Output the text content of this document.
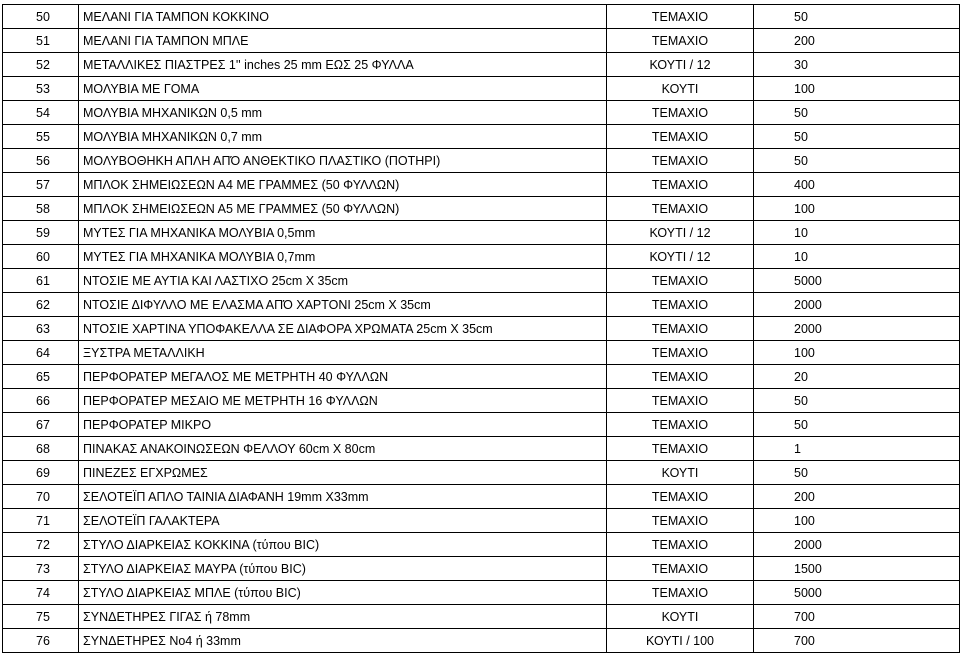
50	ΜΕΛΑΝΙ ΓΙΑ ΤΑΜΠΟΝ ΚΟΚΚΙΝΟ	ΤΕΜΑΧΙΟ	50
51	ΜΕΛΑΝΙ ΓΙΑ ΤΑΜΠΟΝ ΜΠΛΕ	ΤΕΜΑΧΙΟ	200
52	ΜΕΤΑΛΛΙΚΕΣ ΠΙΑΣΤΡΕΣ 1'' inches 25 mm ΕΩΣ 25 ΦΥΛΛΑ	ΚΟΥΤΙ / 12	30
53	ΜΟΛΥΒΙΑ ΜΕ ΓΟΜΑ	ΚΟΥΤΙ	100
54	ΜΟΛΥΒΙΑ ΜΗΧΑΝΙΚΩΝ 0,5 mm	ΤΕΜΑΧΙΟ	50
55	ΜΟΛΥΒΙΑ ΜΗΧΑΝΙΚΩΝ 0,7 mm	ΤΕΜΑΧΙΟ	50
56	ΜΟΛΥΒΟΘΗΚΗ ΑΠΛΗ ΑΠΌ ΑΝΘΕΚΤΙΚΟ ΠΛΑΣΤΙΚΟ (ΠΟΤΗΡΙ)	ΤΕΜΑΧΙΟ	50
57	ΜΠΛΟΚ ΣΗΜΕΙΩΣΕΩΝ Α4 ΜΕ ΓΡΑΜΜΕΣ (50 ΦΥΛΛΩΝ)	ΤΕΜΑΧΙΟ	400
58	ΜΠΛΟΚ ΣΗΜΕΙΩΣΕΩΝ Α5 ΜΕ ΓΡΑΜΜΕΣ (50 ΦΥΛΛΩΝ)	ΤΕΜΑΧΙΟ	100
59	ΜΥΤΕΣ ΓΙΑ ΜΗΧΑΝΙΚΑ ΜΟΛΥΒΙΑ 0,5mm	ΚΟΥΤΙ / 12	10
60	ΜΥΤΕΣ ΓΙΑ ΜΗΧΑΝΙΚΑ ΜΟΛΥΒΙΑ 0,7mm	ΚΟΥΤΙ / 12	10
61	ΝΤΟΣΙΕ ΜΕ ΑΥΤΙΑ ΚΑΙ ΛΑΣΤΙΧΟ 25cm X 35cm	ΤΕΜΑΧΙΟ	5000
62	ΝΤΟΣΙΕ ΔΙΦΥΛΛΟ ΜΕ ΕΛΑΣΜΑ ΑΠΌ ΧΑΡΤΟΝΙ 25cm X 35cm	ΤΕΜΑΧΙΟ	2000
63	ΝΤΟΣΙΕ ΧΑΡΤΙΝΑ ΥΠΟΦΑΚΕΛΛΑ ΣΕ ΔΙΑΦΟΡΑ ΧΡΩΜΑΤΑ 25cm X 35cm	ΤΕΜΑΧΙΟ	2000
64	ΞΥΣΤΡΑ ΜΕΤΑΛΛΙΚΗ	ΤΕΜΑΧΙΟ	100
65	ΠΕΡΦΟΡΑΤΕΡ ΜΕΓΑΛΟΣ ΜΕ ΜΕΤΡΗΤΗ 40 ΦΥΛΛΩΝ	ΤΕΜΑΧΙΟ	20
66	ΠΕΡΦΟΡΑΤΕΡ ΜΕΣΑΙΟ ΜΕ ΜΕΤΡΗΤΗ 16 ΦΥΛΛΩΝ	ΤΕΜΑΧΙΟ	50
67	ΠΕΡΦΟΡΑΤΕΡ ΜΙΚΡΟ	ΤΕΜΑΧΙΟ	50
68	ΠΙΝΑΚΑΣ ΑΝΑΚΟΙΝΩΣΕΩΝ ΦΕΛΛΟΥ 60cm X 80cm	ΤΕΜΑΧΙΟ	1
69	ΠΙΝΕΖΕΣ ΕΓΧΡΩΜΕΣ	ΚΟΥΤΙ	50
70	ΣΕΛΟΤΕΪΠ ΑΠΛΟ ΤΑΙΝΙΑ ΔΙΑΦΑΝΗ 19mm X33mm	ΤΕΜΑΧΙΟ	200
71	ΣΕΛΟΤΕΪΠ ΓΑΛΑΚΤΕΡΑ	ΤΕΜΑΧΙΟ	100
72	ΣΤΥΛΟ ΔΙΑΡΚΕΙΑΣ ΚΟΚΚΙΝΑ (τύπου BIC)	ΤΕΜΑΧΙΟ	2000
73	ΣΤΥΛΟ ΔΙΑΡΚΕΙΑΣ ΜΑΥΡΑ (τύπου BIC)	ΤΕΜΑΧΙΟ	1500
74	ΣΤΥΛΟ ΔΙΑΡΚΕΙΑΣ ΜΠΛΕ (τύπου BIC)	ΤΕΜΑΧΙΟ	5000
75	ΣΥΝΔΕΤΗΡΕΣ ΓΙΓΑΣ ή 78mm	ΚΟΥΤΙ	700
76	ΣΥΝΔΕΤΗΡΕΣ Νο4 ή 33mm	ΚΟΥΤΙ / 100	700
